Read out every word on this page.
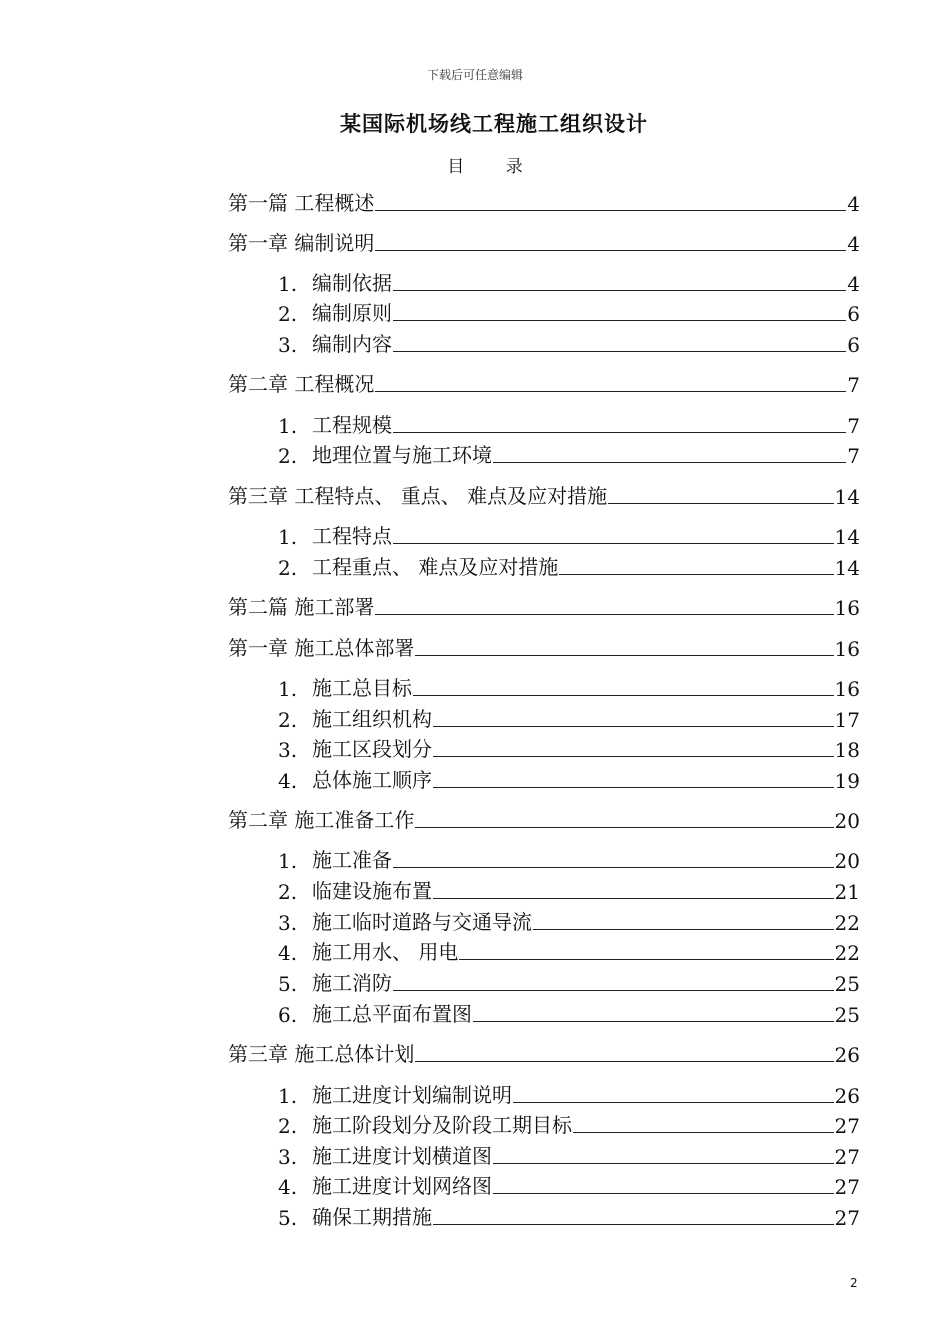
下载后可任意编辑
某国际机场线工程施工组织设计
目 录
第一篇 工程概述	4
第一章 编制说明	4
1. 编制依据	4
2. 编制原则	6
3. 编制内容	6
第二章 工程概况	7
1. 工程规模	7
2. 地理位置与施工环境	7
第三章 工程特点、 重点、 难点及应对措施	14
1. 工程特点	14
2. 工程重点、 难点及应对措施	14
第二篇 施工部署	16
第一章 施工总体部署	16
1. 施工总目标	16
2. 施工组织机构	17
3. 施工区段划分	18
4. 总体施工顺序	19
第二章 施工准备工作	20
1. 施工准备	20
2. 临建设施布置	21
3. 施工临时道路与交通导流	22
4. 施工用水、 用电	22
5. 施工消防	25
6. 施工总平面布置图	25
第三章 施工总体计划	26
1. 施工进度计划编制说明	26
2. 施工阶段划分及阶段工期目标	27
3. 施工进度计划横道图	27
4. 施工进度计划网络图	27
5. 确保工期措施	27
2
